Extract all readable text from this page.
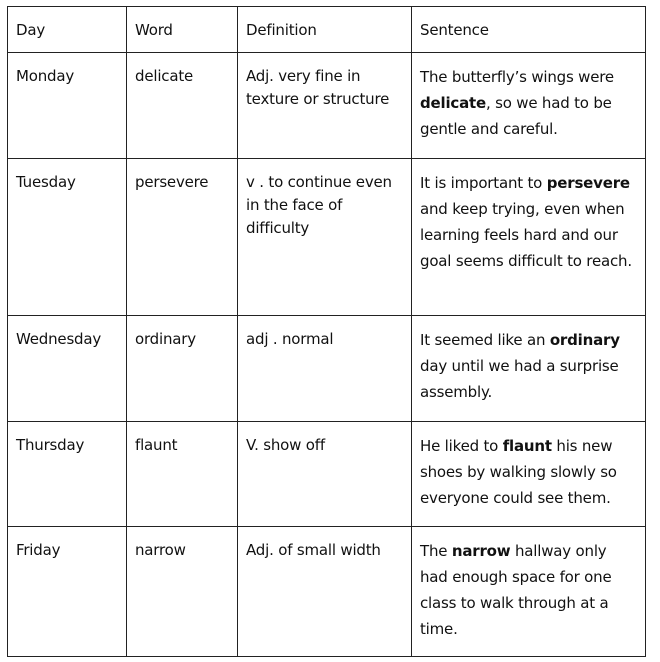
Day	Word	Definition	Sentence
Monday	delicate	Adj. very fine in texture or structure	The butterfly’s wings were delicate, so we had to be gentle and careful.
Tuesday	persevere	v . to continue even in the face of difficulty	It is important to persevere and keep trying, even when learning feels hard and our goal seems difficult to reach.
Wednesday	ordinary	adj . normal	It seemed like an ordinary day until we had a surprise assembly.
Thursday	flaunt	V. show off	He liked to flaunt his new shoes by walking slowly so everyone could see them.
Friday	narrow	Adj. of small width	The narrow hallway only had enough space for one class to walk through at a time.
